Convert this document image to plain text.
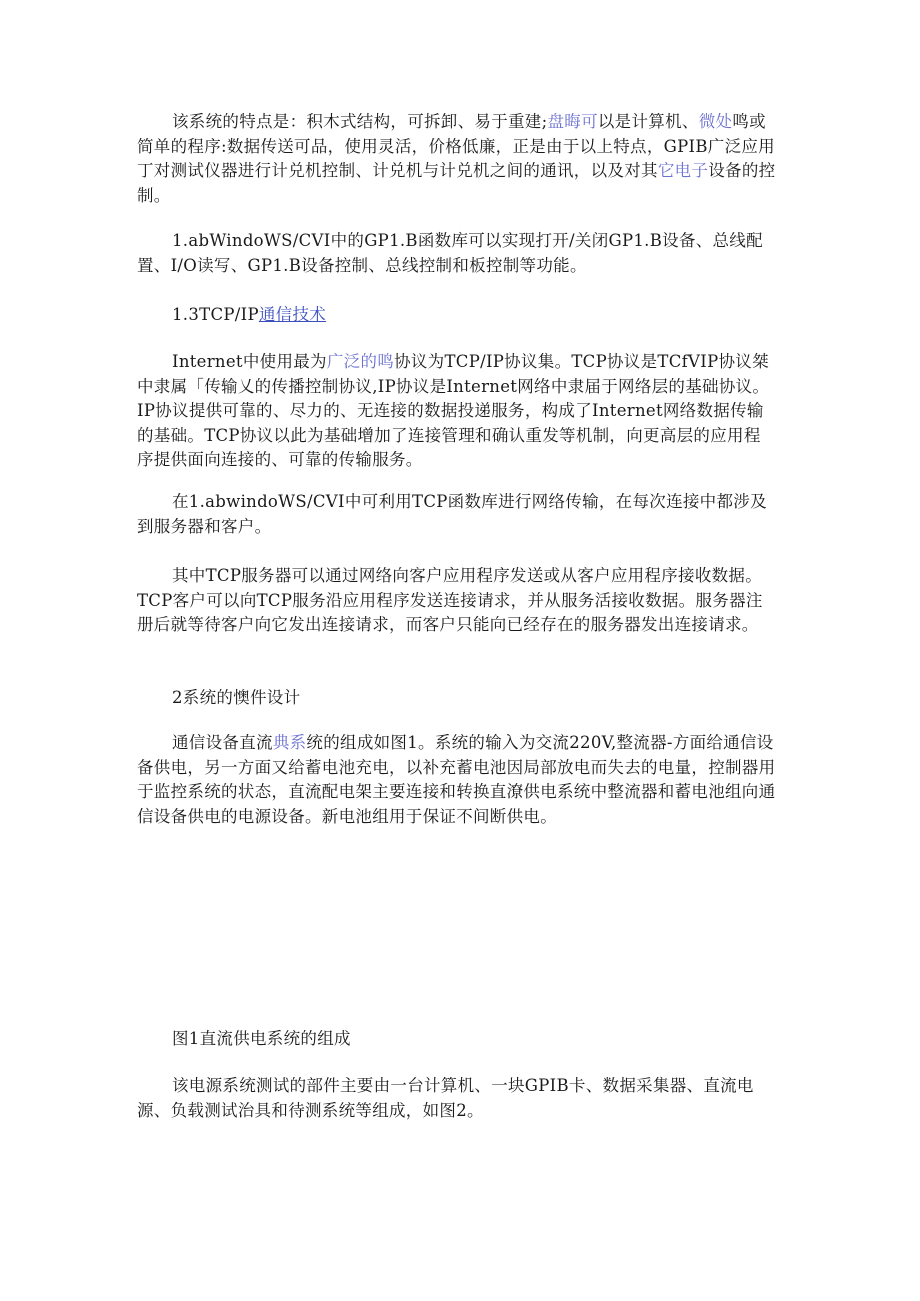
该系统的特点是：积木式结构，可拆卸、易于重建;盘晦可以是计算机、微处鸣或简单的程序:数据传送可品，使用灵活，价格低廉，正是由于以上特点，GPIB广泛应用丁对测试仪器进行计兑机控制、计兑机与计兑机之间的通讯，以及对其它电子设备的控制。

1.abWindoWS/CVI中的GP1.B函数库可以实现打开/关闭GP1.B设备、总线配置、I/O读写、GP1.B设备控制、总线控制和板控制等功能。

1.3TCP/IP通信技术

Internet中使用最为广泛的鸣协议为TCP/IP协议集。TCP协议是TCfVIP协议桀中隶属「传输乂的传播控制协议,IP协议是Internet网络中隶届于网络层的基础协议。IP协议提供可靠的、尽力的、无连接的数据投递服务，构成了Internet网络数据传输的基础。TCP协议以此为基础增加了连接管理和确认重发等机制，向更高层的应用程序提供面向连接的、可靠的传输服务。

在1.abwindoWS/CVI中可利用TCP函数库进行网络传输，在每次连接中都涉及到服务器和客户。

其中TCP服务器可以通过网络向客户应用程序发送或从客户应用程序接收数据。TCP客户可以向TCP服务沿应用程序发送连接请求，并从服务活接收数据。服务器注册后就等待客户向它发出连接请求，而客户只能向已经存在的服务器发出连接请求。

2系统的懊件设计

通信设备直流典系统的组成如图1。系统的输入为交流220V,整流器-方面给通信设备供电，另一方面又给蓄电池充电，以补充蓄电池因局部放电而失去的电量，控制器用于监控系统的状态，直流配电架主要连接和转换直潦供电系统中整流器和蓄电池组向通信设备供电的电源设备。新电池组用于保证不间断供电。

图1直流供电系统的组成

该电源系统测试的部件主要由一台计算机、一块GPIB卡、数据采集器、直流电源、负载测试治具和待测系统等组成，如图2。
